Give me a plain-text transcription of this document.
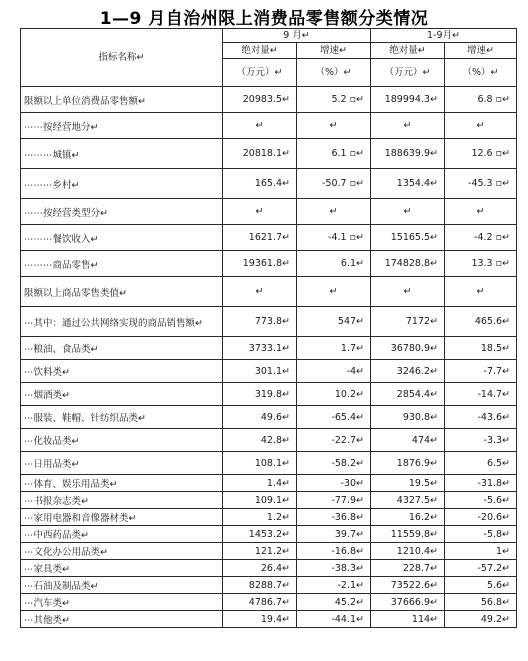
1—9 月自治州限上消费品零售额分类情况
指标名称↵	9 月↵		1-9月↵	
	绝对量↵	增速↵	绝对量↵	增速↵
	（万元）↵	（%）↵	（万元）↵	（%）↵
限额以上单位消费品零售额↵	20983.5↵	5.2 ▫↵	189994.3↵	6.8 ▫↵
⋯⋯按经营地分↵	↵	↵	↵	↵
⋯⋯⋯城镇↵	20818.1↵	6.1 ▫↵	188639.9↵	12.6 ▫↵
⋯⋯⋯乡村↵	165.4↵	-50.7 ▫↵	1354.4↵	-45.3 ▫↵
⋯⋯按经营类型分↵	↵	↵	↵	↵
⋯⋯⋯餐饮收入↵	1621.7↵	-4.1 ▫↵	15165.5↵	-4.2 ▫↵
⋯⋯⋯商品零售↵	19361.8↵	6.1↵	174828.8↵	13.3 ▫↵
限额以上商品零售类值↵	↵	↵	↵	↵
⋯其中：通过公共网络实现的商品销售额↵	773.8↵	547↵	7172↵	465.6↵
⋯粮油、食品类↵	3733.1↵	1.7↵	36780.9↵	18.5↵
⋯饮料类↵	301.1↵	-4↵	3246.2↵	-7.7↵
⋯烟酒类↵	319.8↵	10.2↵	2854.4↵	-14.7↵
⋯服装、鞋帽、针纺织品类↵	49.6↵	-65.4↵	930.8↵	-43.6↵
⋯化妆品类↵	42.8↵	-22.7↵	474↵	-3.3↵
⋯日用品类↵	108.1↵	-58.2↵	1876.9↵	6.5↵
⋯体育、娱乐用品类↵	1.4↵	-30↵	19.5↵	-31.8↵
⋯书报杂志类↵	109.1↵	-77.9↵	4327.5↵	-5.6↵
⋯家用电器和音像器材类↵	1.2↵	-36.8↵	16.2↵	-20.6↵
⋯中西药品类↵	1453.2↵	39.7↵	11559.8↵	-5.8↵
⋯文化办公用品类↵	121.2↵	-16.8↵	1210.4↵	1↵
⋯家具类↵	26.4↵	-38.3↵	228.7↵	-57.2↵
⋯石油及制品类↵	8288.7↵	-2.1↵	73522.6↵	5.6↵
⋯汽车类↵	4786.7↵	45.2↵	37666.9↵	56.8↵
⋯其他类↵	19.4↵	-44.1↵	114↵	49.2↵
